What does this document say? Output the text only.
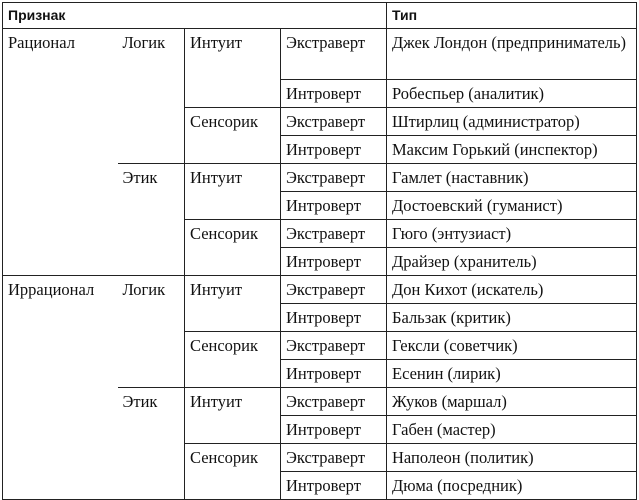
Признак				Тип
Рационал	Логик	Интуит	Экстраверт	Джек Лондон (предприниматель)
			Интроверт	Робеспьер (аналитик)
		Сенсорик	Экстраверт	Штирлиц (администратор)
			Интроверт	Максим Горький (инспектор)
	Этик	Интуит	Экстраверт	Гамлет (наставник)
			Интроверт	Достоевский (гуманист)
		Сенсорик	Экстраверт	Гюго (энтузиаст)
			Интроверт	Драйзер (хранитель)
Иррационал	Логик	Интуит	Экстраверт	Дон Кихот (искатель)
			Интроверт	Бальзак (критик)
		Сенсорик	Экстраверт	Гексли (советчик)
			Интроверт	Есенин (лирик)
	Этик	Интуит	Экстраверт	Жуков (маршал)
			Интроверт	Габен (мастер)
		Сенсорик	Экстраверт	Наполеон (политик)
			Интроверт	Дюма (посредник)
